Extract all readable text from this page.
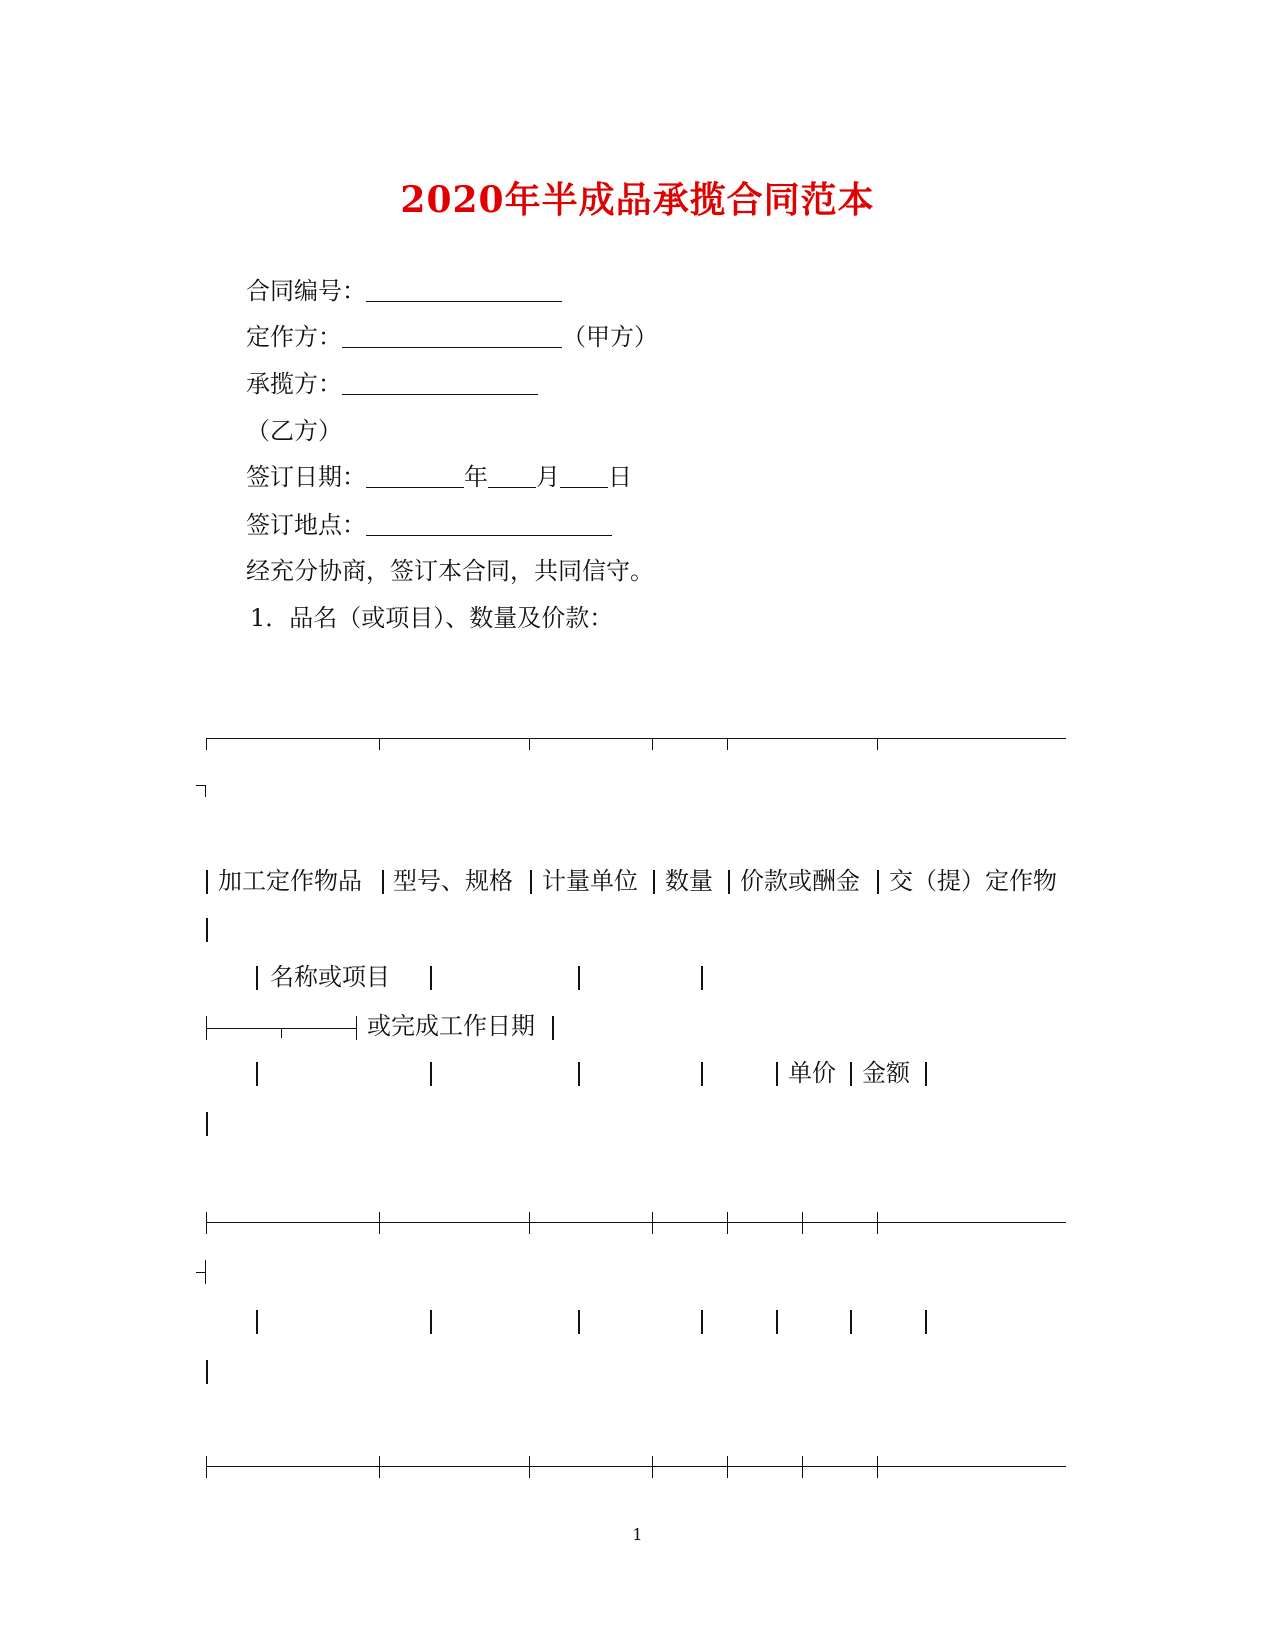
2020年半成品承揽合同范本
合同编号：
定作方：	（甲方）
承揽方：
（乙方）
签订日期：	年 月 日
签订地点：
经充分协商，签订本合同，共同信守。
1．品名（或项目）、数量及价款：
加工定作物品 型号、规格 计量单位 数量 价款或酬金 交（提）定作物
名称或项目
或完成工作日期
单价 金额
1
